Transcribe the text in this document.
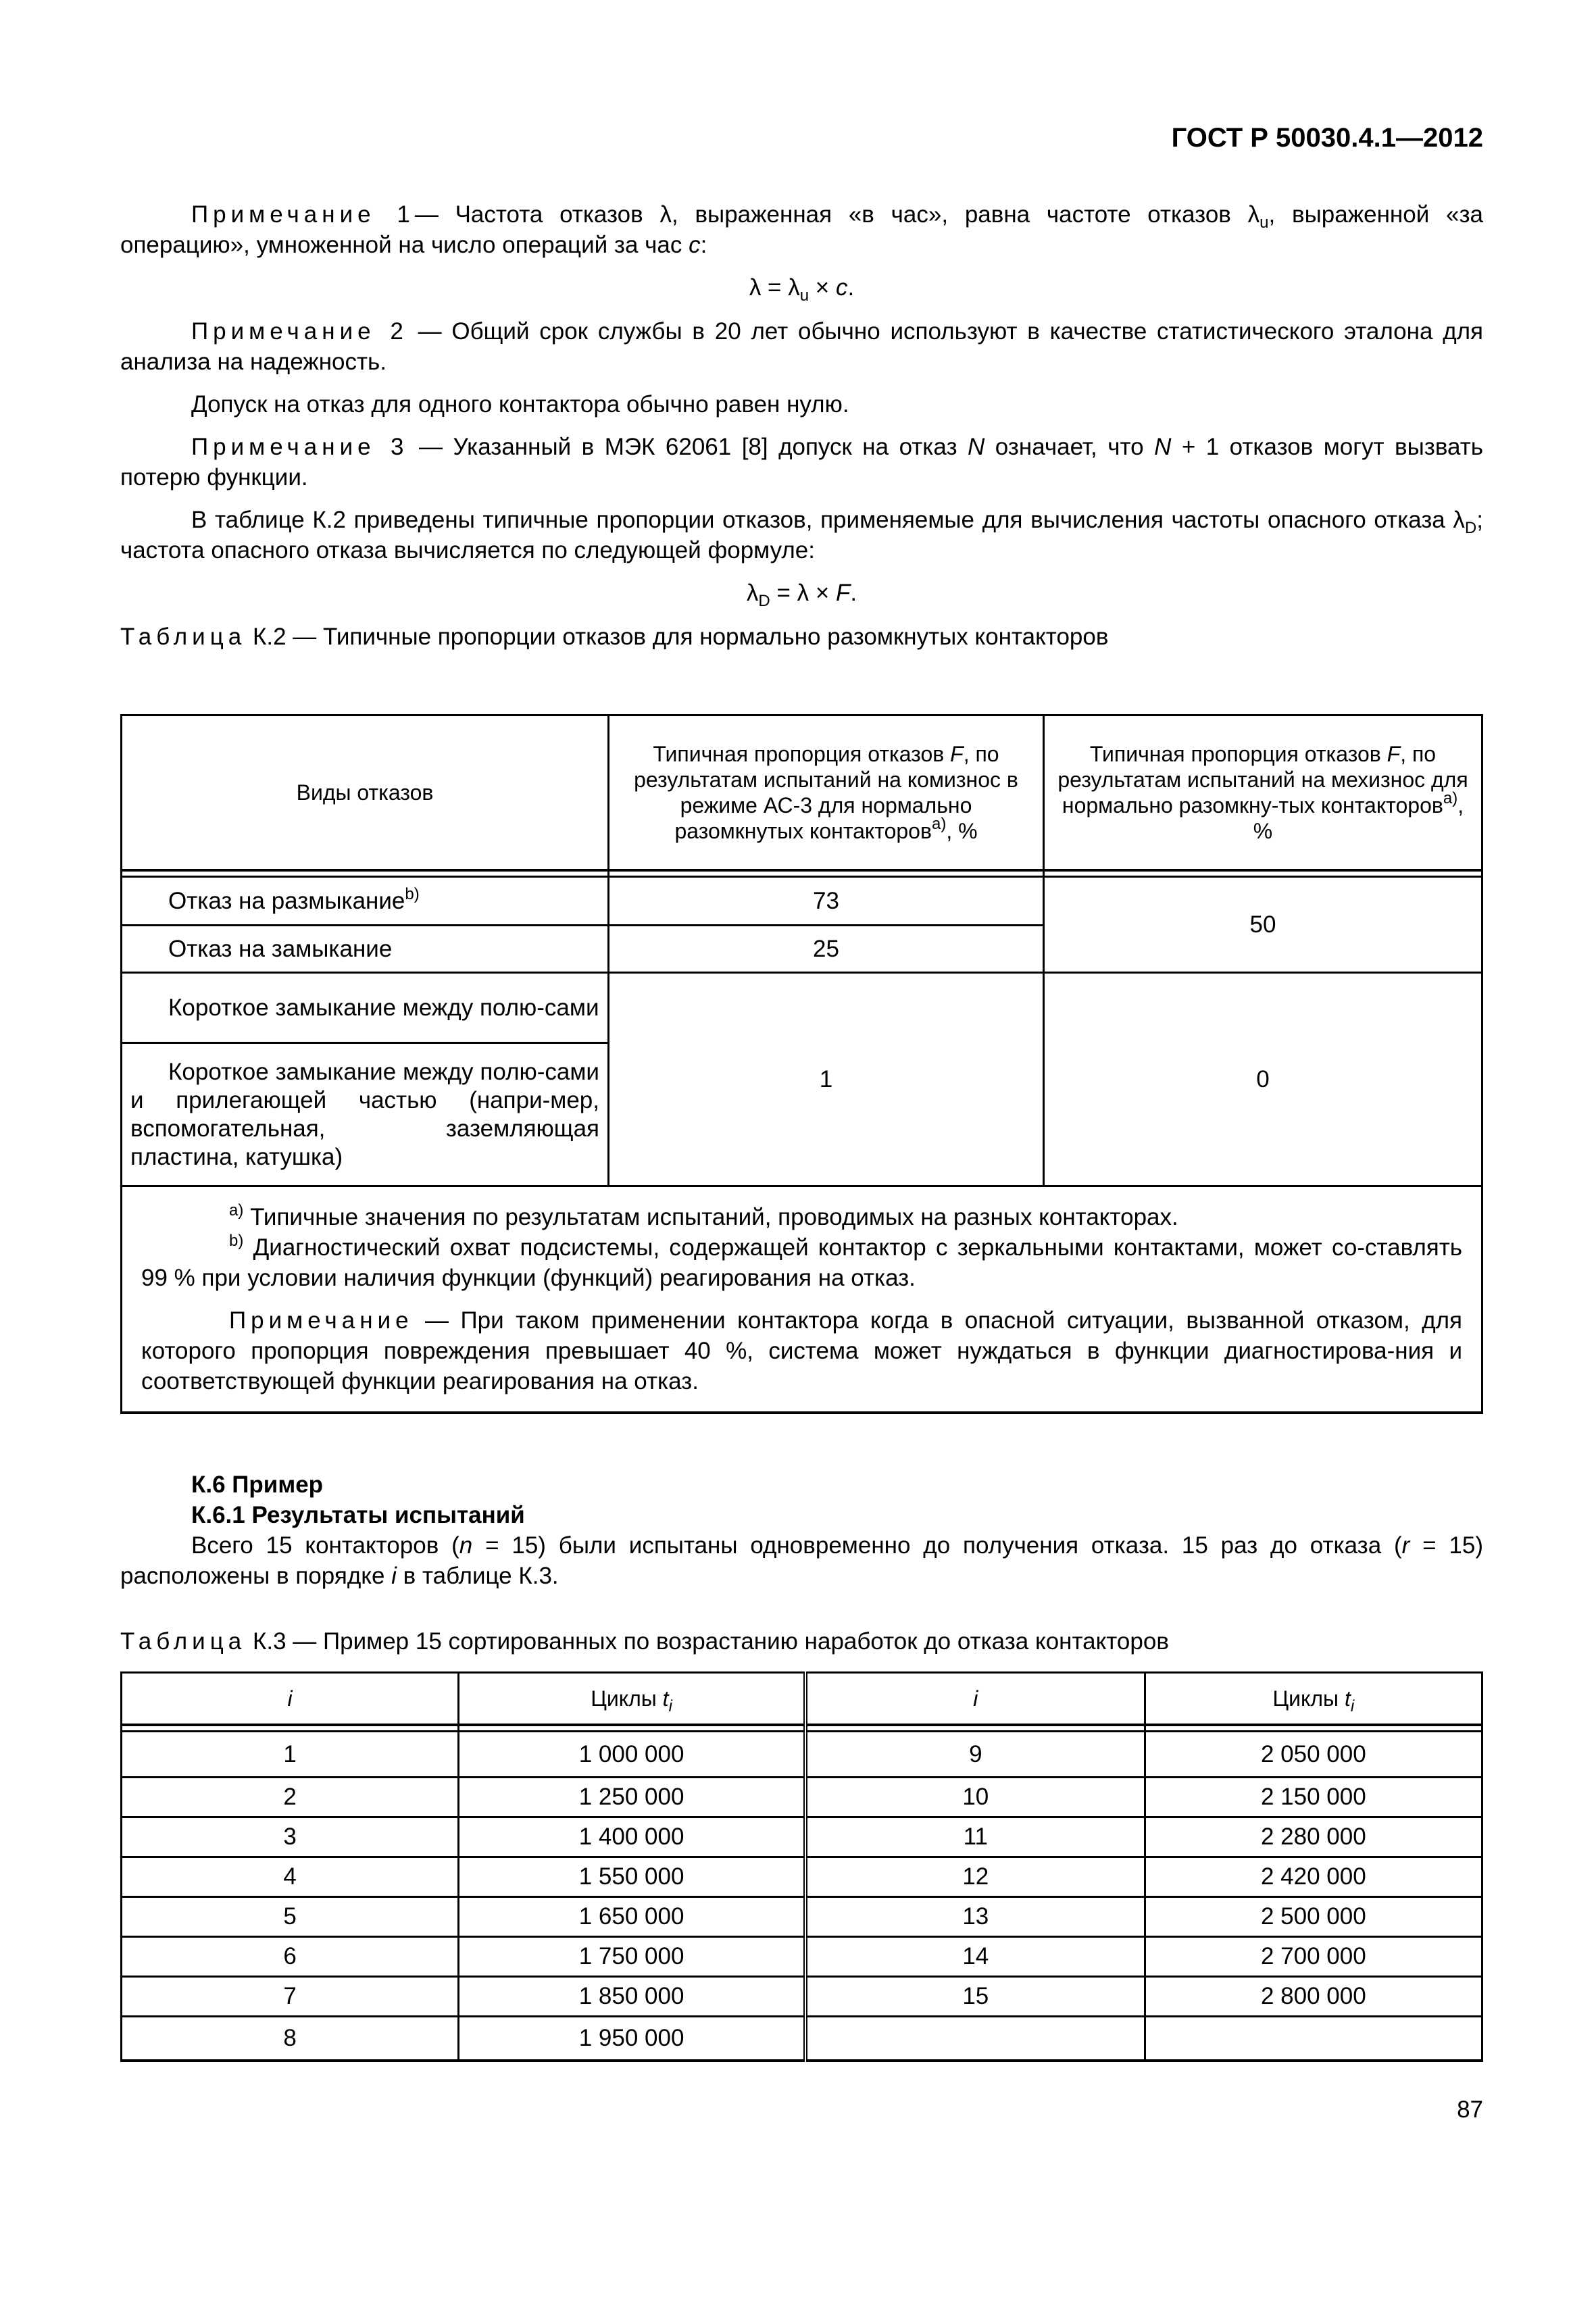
ГОСТ Р 50030.4.1—2012

Примечание 1— Частота отказов λ, выраженная «в час», равна частоте отказов $\lambda_u$, выраженной «за операцию», умноженной на число операций за час c:

$\lambda = \lambda_u \times c$.

Примечание 2 — Общий срок службы в 20 лет обычно используют в качестве статистического эталона для анализа на надежность.

Допуск на отказ для одного контактора обычно равен нулю.

Примечание 3 — Указанный в МЭК 62061 [8] допуск на отказ N означает, что N + 1 отказов могут вызвать потерю функции.

В таблице К.2 приведены типичные пропорции отказов, применяемые для вычисления частоты опасного отказа $\lambda_D$; частота опасного отказа вычисляется по следующей формуле:

$\lambda_D = \lambda \times F$.

Таблица К.2 — Типичные пропорции отказов для нормально разомкнутых контакторов

Виды отказов	Типичная пропорция отказов F, по результатам испытаний на комизнос в режиме АС-3 для нормально разомкнутых контакторов$^{a)}$, %	Типичная пропорция отказов F, по результатам испытаний на мехизнос для нормально разомкну-тых контакторов$^{a)}$, %

Отказ на размыкание$^{b)}$	73	50
Отказ на замыкание	25	
Короткое замыкание между полю-сами	1	0
Короткое замыкание между полю-сами и прилегающей частью (напри-мер, вспомогательная, заземляющая пластина, катушка)		

$^{a)}$ Типичные значения по результатам испытаний, проводимых на разных контакторах.
$^{b)}$ Диагностический охват подсистемы, содержащей контактор с зеркальными контактами, может со-ставлять 99 % при условии наличия функции (функций) реагирования на отказ.
Примечание — При таком применении контактора когда в опасной ситуации, вызванной отказом, для которого пропорция повреждения превышает 40 %, система может нуждаться в функции диагностирова-ния и соответствующей функции реагирования на отказ.		

К.6 Пример

К.6.1 Результаты испытаний

Всего 15 контакторов (n = 15) были испытаны одновременно до получения отказа. 15 раз до отказа (r = 15) расположены в порядке i в таблице К.3.

Таблица К.3 — Пример 15 сортированных по возрастанию наработок до отказа контакторов

i	Циклы $t_i$	i	Циклы $t_i$

1	1 000 000	9	2 050 000
2	1 250 000	10	2 150 000
3	1 400 000	11	2 280 000
4	1 550 000	12	2 420 000
5	1 650 000	13	2 500 000
6	1 750 000	14	2 700 000
7	1 850 000	15	2 800 000
8	1 950 000		
87
